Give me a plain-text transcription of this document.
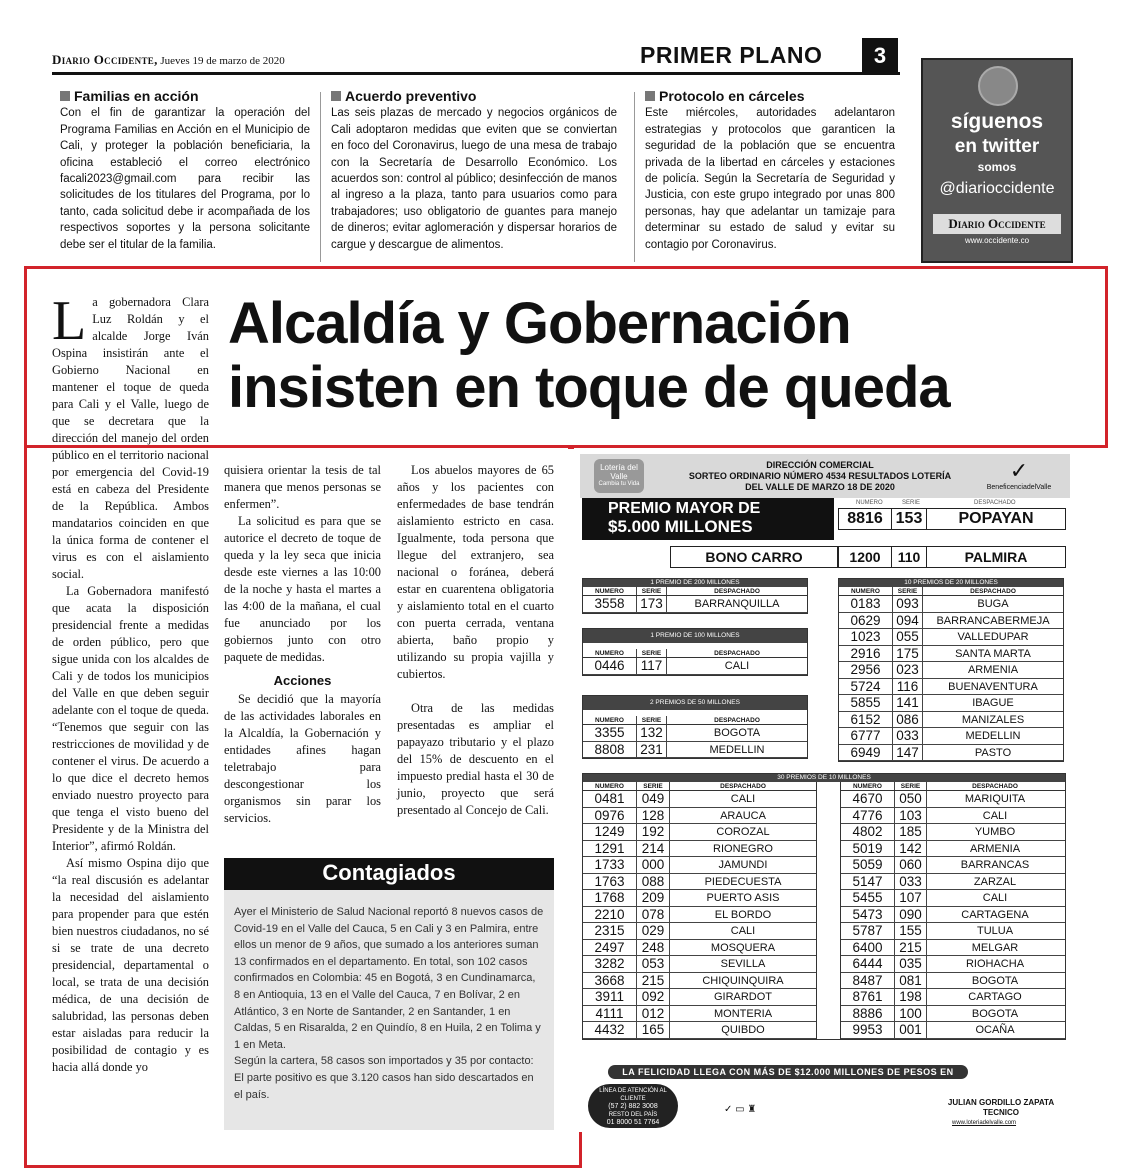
Diario Occidente, Jueves 19 de marzo de 2020	PRIMER PLANO	3
Familias en acción
Con el fin de garantizar la operación del Programa Familias en Acción en el Municipio de Cali, y proteger la población beneficiaria, la oficina estableció el correo electrónico facali2023@gmail.com para recibir las solicitudes de los titulares del Programa, por lo tanto, cada solicitud debe ir acompañada de los respectivos soportes y la persona solicitante debe ser el titular de la familia.
Acuerdo preventivo
Las seis plazas de mercado y negocios orgánicos de Cali adoptaron medidas que eviten que se conviertan en foco del Coronavirus, luego de una mesa de trabajo con la Secretaría de Desarrollo Económico. Los acuerdos son: control al público; desinfección de manos al ingreso a la plaza, tanto para usuarios como para trabajadores; uso obligatorio de guantes para manejo de dineros; evitar aglomeración y dispersar horarios de cargue y descargue de alimentos.
Protocolo en cárceles
Este miércoles, autoridades adelantaron estrategias y protocolos que garanticen la seguridad de la población que se encuentra privada de la libertad en cárceles y estaciones de policía. Según la Secretaría de Seguridad y Justicia, con este grupo integrado por unas 800 personas, hay que adelantar un tamizaje para determinar su estado de salud y evitar su contagio por Coronavirus.
síguenos
en twitter
somos
@diarioccidente
Diario Occidente
www.occidente.co
Alcaldía y Gobernación
insisten en toque de queda

La gobernadora Clara Luz Roldán y el alcalde Jorge Iván Ospina insistirán ante el Gobierno Nacional en mantener el toque de queda para Cali y el Valle, luego de que se decretara que la dirección del manejo del orden público en el territorio nacional por emergencia del Covid-19 está en cabeza del Presidente de la República. Ambos mandatarios coinciden en que la única forma de contener el virus es con el aislamiento social.

La Gobernadora manifestó que acata la disposición presidencial frente a medidas de orden público, pero que sigue unida con los alcaldes de Cali y de todos los municipios del Valle en que deben seguir adelante con el toque de queda. “Tenemos que seguir con las restricciones de movilidad y de contener el virus. De acuerdo a lo que dice el decreto hemos enviado nuestro proyecto para que tenga el visto bueno del Presidente y de la Ministra del Interior”, afirmó Roldán.

Así mismo Ospina dijo que “la real discusión es adelantar la necesidad del aislamiento para propender para que estén bien nuestros ciudadanos, no sé si se trate de una decreto presidencial, departamental o local, se trata de una decisión médica, de una decisión de salubridad, las personas deben estar aisladas para reducir la posibilidad de contagio y es hacia allá donde yo

quisiera orientar la tesis de tal manera que menos personas se enfermen”.

La solicitud es para que se autorice el decreto de toque de queda y la ley seca que inicia desde este viernes a las 10:00 de la noche y hasta el martes a las 4:00 de la mañana, el cual fue anunciado por los gobiernos junto con otro paquete de medidas.

Acciones

Se decidió que la mayoría de las actividades laborales en la Alcaldía, la Gobernación y entidades afines hagan teletrabajo para descongestionar los organismos sin parar los servicios.

Los abuelos mayores de 65 años y los pacientes con enfermedades de base tendrán aislamiento estricto en casa. Igualmente, toda persona que llegue del extranjero, sea nacional o foránea, deberá estar en cuarentena obligatoria y aislamiento total en el cuarto con puerta cerrada, ventana abierta, baño propio y utilizando su propia vajilla y cubiertos.

Otra de las medidas presentadas es ampliar el papayazo tributario y el plazo del 15% de descuento en el impuesto predial hasta el 30 de junio, proyecto que será presentado al Concejo de Cali.

Contagiados
Ayer el Ministerio de Salud Nacional reportó 8 nuevos casos de Covid-19 en el Valle del Cauca, 5 en Cali y 3 en Palmira, entre ellos un menor de 9 años, que sumado a los anteriores suman 13 confirmados en el departamento. En total, son 102 casos confirmados en Colombia: 45 en Bogotá, 3 en Cundinamarca, 8 en Antioquia, 13 en el Valle del Cauca, 7 en Bolívar, 2 en Atlántico, 3 en Norte de Santander, 2 en Santander, 1 en Caldas, 5 en Risaralda, 2 en Quindío, 8 en Huila, 2 en Tolima y 1 en Meta.
Según la cartera, 58 casos son importados y 35 por contacto: El parte positivo es que 3.120 casos han sido descartados en el país.
Lotería del Valle
Cambia tu Vida
DIRECCIÓN COMERCIAL
SORTEO ORDINARIO NÚMERO 4534 RESULTADOS LOTERÍA DEL VALLE DE MARZO 18 DE 2020
✓
BeneficenciadelValle
PREMIO MAYOR DE
$5.000 MILLONES
NUMERO	SERIE	DESPACHADO
8816 153	POPAYAN
BONO CARRO	1200	110	PALMIRA
1 PREMIO DE 200 MILLONES
NUMERO	SERIE	DESPACHADO
3558	173	BARRANQUILLA
1 PREMIO DE 100 MILLONES
NUMERO	SERIE	DESPACHADO
0446	117	CALI
2 PREMIOS DE 50 MILLONES
NUMERO	SERIE	DESPACHADO
3355	132	BOGOTA
8808	231	MEDELLIN
10 PREMIOS DE 20 MILLONES
NUMERO	SERIE	DESPACHADO
0183	093	BUGA
0629	094	BARRANCABERMEJA
1023	055	VALLEDUPAR
2916	175	SANTA MARTA
2956	023	ARMENIA
5724	116	BUENAVENTURA
5855	141	IBAGUE
6152	086	MANIZALES
6777	033	MEDELLIN
6949	147	PASTO
30 PREMIOS DE 10 MILLONES
NUMERO	SERIE	DESPACHADO
0481	049	CALI
0976	128	ARAUCA
1249	192	COROZAL
1291	214	RIONEGRO
1733	000	JAMUNDI
1763	088	PIEDECUESTA
1768	209	PUERTO ASIS
2210	078	EL BORDO
2315	029	CALI
2497	248	MOSQUERA
3282	053	SEVILLA
3668	215	CHIQUINQUIRA
3911	092	GIRARDOT
4111	012	MONTERIA
4432	165	QUIBDO
NUMERO	SERIE	DESPACHADO
4670	050	MARIQUITA
4776	103	CALI
4802	185	YUMBO
5019	142	ARMENIA
5059	060	BARRANCAS
5147	033	ZARZAL
5455	107	CALI
5473	090	CARTAGENA
5787	155	TULUA
6400	215	MELGAR
6444	035	RIOHACHA
8487	081	BOGOTA
8761	198	CARTAGO
8886	100	BOGOTA
9953	001	OCAÑA
LA FELICIDAD LLEGA CON MÁS DE $12.000 MILLONES DE PESOS EN PREMIOS
LÍNEA DE ATENCIÓN AL CLIENTE
(57 2) 882 3008
RESTO DEL PAÍS
01 8000 51 7764
✓ ▭ ♜
JULIAN GORDILLO ZAPATA
TECNICO
www.loteriadelvalle.com
